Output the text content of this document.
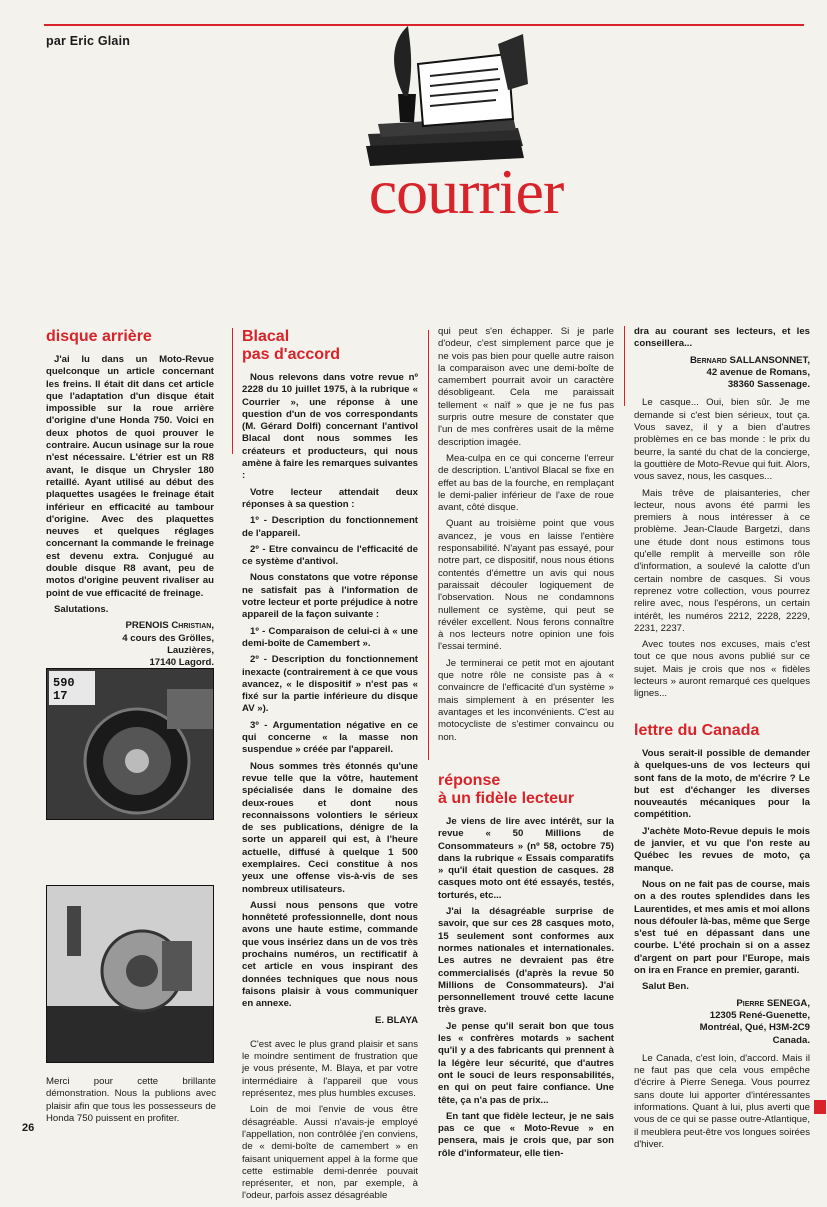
par Eric Glain
courrier
disque arrière

J'ai lu dans un Moto-Revue quelconque un article concernant les freins. Il était dit dans cet article que l'adaptation d'un disque était impossible sur la roue arrière d'origine d'une Honda 750. Voici en deux photos de quoi prouver le contraire. Aucun usinage sur la roue n'est nécessaire. L'étrier est un R8 avant, le disque un Chrysler 180 retaillé. Ayant utilisé au début des plaquettes usagées le freinage était inférieur en efficacité au tambour d'origine. Avec des plaquettes neuves et quelques réglages concernant la commande le freinage est devenu extra. Conjugué au double disque R8 avant, peu de motos d'origine peuvent rivaliser au point de vue efficacité de freinage.

Salutations.

PRENOIS Christian,
4 cours des Grölles,
Lauzières,
17140 Lagord.
590 17

Merci pour cette brillante démonstration. Nous la publions avec plaisir afin que tous les possesseurs de Honda 750 puissent en profiter.

Blacal
pas d'accord

Nous relevons dans votre revue nº 2228 du 10 juillet 1975, à la rubrique « Courrier », une réponse à une question d'un de vos correspondants (M. Gérard Dolfi) concernant l'antivol Blacal dont nous sommes les créateurs et producteurs, qui nous amène à faire les remarques suivantes :

Votre lecteur attendait deux réponses à sa question :

1º - Description du fonctionnement de l'appareil.

2º - Etre convaincu de l'efficacité de ce système d'antivol.

Nous constatons que votre réponse ne satisfait pas à l'information de votre lecteur et porte préjudice à notre appareil de la façon suivante :

1º - Comparaison de celui-ci à « une demi-boîte de Camembert ».

2º - Description du fonctionnement inexacte (contrairement à ce que vous avancez, « le dispositif » n'est pas « fixé sur la partie inférieure du disque AV »).

3º - Argumentation négative en ce qui concerne « la masse non suspendue » créée par l'appareil.

Nous sommes très étonnés qu'une revue telle que la vôtre, hautement spécialisée dans le domaine des deux-roues et dont nous reconnaissons volontiers le sérieux de ses publications, dénigre de la sorte un appareil qui est, à l'heure actuelle, diffusé à quelque 1 500 exemplaires. Ceci constitue à nos yeux une offense vis-à-vis de ses nombreux utilisateurs.

Aussi nous pensons que votre honnêteté professionnelle, dont nous avons une haute estime, commande que vous insériez dans un de vos très prochains numéros, un rectificatif à cet article en vous inspirant des données techniques que nous nous faisons plaisir à vous communiquer en annexe.

E. BLAYA

C'est avec le plus grand plaisir et sans le moindre sentiment de frustration que je vous présente, M. Blaya, et par votre intermédiaire à l'appareil que vous représentez, mes plus humbles excuses.

Loin de moi l'envie de vous être désagréable. Aussi n'avais-je employé l'appellation, non contrôlée j'en conviens, de « demi-boîte de camembert » en faisant uniquement appel à la forme que cette estimable demi-denrée pouvait représenter, et non, par exemple, à l'odeur, parfois assez désagréable

qui peut s'en échapper. Si je parle d'odeur, c'est simplement parce que je ne vois pas bien pour quelle autre raison la comparaison avec une demi-boîte de camembert pourrait avoir un caractère désobligeant. Cela me paraissait tellement « naïf » que je ne fus pas surpris outre mesure de constater que l'un de mes confrères usait de la même description imagée.

Mea-culpa en ce qui concerne l'erreur de description. L'antivol Blacal se fixe en effet au bas de la fourche, en remplaçant le demi-palier inférieur de l'axe de roue avant, côté disque.

Quant au troisième point que vous avancez, je vous en laisse l'entière responsabilité. N'ayant pas essayé, pour notre part, ce dispositif, nous nous étions contentés d'émettre un avis qui nous paraissait découler logiquement de l'observation. Nous ne condamnons nullement ce système, qui peut se révéler excellent. Nous ferons connaître à nos lecteurs notre opinion une fois l'essai terminé.

Je terminerai ce petit mot en ajoutant que notre rôle ne consiste pas à « convaincre de l'efficacité d'un système » mais simplement à en présenter les avantages et les inconvénients. C'est au motocycliste de s'estimer convaincu ou non.

réponse
à un fidèle lecteur

Je viens de lire avec intérêt, sur la revue « 50 Millions de Consommateurs » (nº 58, octobre 75) dans la rubrique « Essais comparatifs » qu'il était question de casques. 28 casques moto ont été essayés, testés, torturés, etc...

J'ai la désagréable surprise de savoir, que sur ces 28 casques moto, 15 seulement sont conformes aux normes nationales et internationales. Les autres ne devraient pas être commercialisés (d'après la revue 50 Millions de Consommateurs). J'ai personnellement trouvé cette lacune très grave.

Je pense qu'il serait bon que tous les « confrères motards » sachent qu'il y a des fabricants qui prennent à la légère leur sécurité, que d'autres ont le souci de leurs responsabilités, en qui on peut faire confiance. Une tête, ça n'a pas de prix...

En tant que fidèle lecteur, je ne sais pas ce que « Moto-Revue » en pensera, mais je crois que, par son rôle d'informateur, elle tien-

dra au courant ses lecteurs, et les conseillera...

Bernard SALLANSONNET,
42 avenue de Romans,
38360 Sassenage.

Le casque... Oui, bien sûr. Je me demande si c'est bien sérieux, tout ça. Vous savez, il y a bien d'autres problèmes en ce bas monde : le prix du beurre, la santé du chat de la concierge, la gouttière de Moto-Revue qui fuit. Alors, vous savez, nous, les casques...

Mais trêve de plaisanteries, cher lecteur, nous avons été parmi les premiers à nous intéresser à ce problème. Jean-Claude Bargetzi, dans une étude dont nous estimons tous qu'elle remplit à merveille son rôle d'information, a soulevé la calotte d'un certain nombre de casques. Si vous reprenez votre collection, vous pourrez relire avec, nous l'espérons, un certain intérêt, les numéros 2212, 2228, 2229, 2231, 2237.

Avec toutes nos excuses, mais c'est tout ce que nous avons publié sur ce sujet. Mais je crois que nos « fidèles lecteurs » auront remarqué ces quelques lignes...

lettre du Canada

Vous serait-il possible de demander à quelques-uns de vos lecteurs qui sont fans de la moto, de m'écrire ? Le but est d'échanger les diverses nouveautés mécaniques pour la compétition.

J'achète Moto-Revue depuis le mois de janvier, et vu que l'on reste au Québec les revues de moto, ça manque.

Nous on ne fait pas de course, mais on a des routes splendides dans les Laurentides, et mes amis et moi allons nous défouler là-bas, même que Serge s'est tué en dépassant dans une courbe. L'été prochain si on a assez d'argent on part pour l'Europe, mais on ira en France en premier, garanti.

Salut Ben.

Pierre SENEGA,
12305 René-Guenette,
Montréal, Qué, H3M-2C9
Canada.

Le Canada, c'est loin, d'accord. Mais il ne faut pas que cela vous empêche d'écrire à Pierre Senega. Vous pourrez sans doute lui apporter d'intéressantes informations. Quant à lui, plus averti que vous de ce qui se passe outre-Atlantique, il meublera peut-être vos longues soirées d'hiver.

26
